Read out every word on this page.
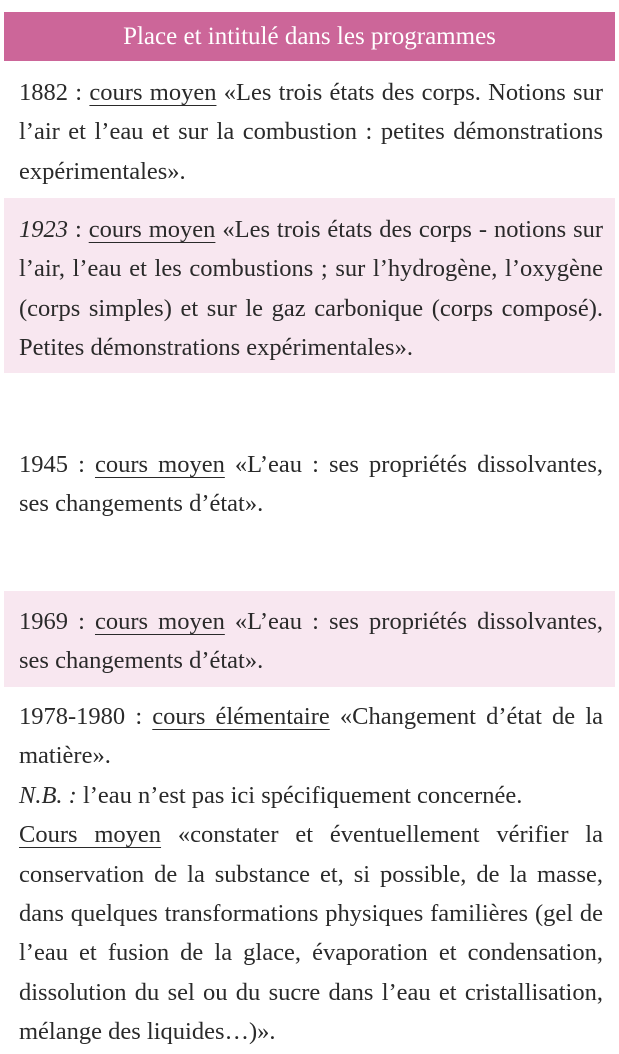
Place et intitulé dans les programmes
1882 : cours moyen «Les trois états des corps. Notions sur l’air et l’eau et sur la combustion : petites démonstrations expérimentales».
1923 : cours moyen «Les trois états des corps - notions sur l’air, l’eau et les combustions ; sur l’hydrogène, l’oxygène (corps simples) et sur le gaz carbonique (corps composé). Petites démonstrations expérimentales».
1945 : cours moyen «L’eau : ses propriétés dissolvantes, ses changements d’état».
1969 : cours moyen «L’eau : ses propriétés dissolvantes, ses changements d’état».
1978-1980 : cours élémentaire «Changement d’état de la matière».
N.B. : l’eau n’est pas ici spécifiquement concernée.
Cours moyen «constater et éventuellement vérifier la conservation de la substance et, si possible, de la masse, dans quelques transformations physiques familières (gel de l’eau et fusion de la glace, évaporation et condensation, dissolution du sel ou du sucre dans l’eau et cristallisation, mélange des liquides…)».
